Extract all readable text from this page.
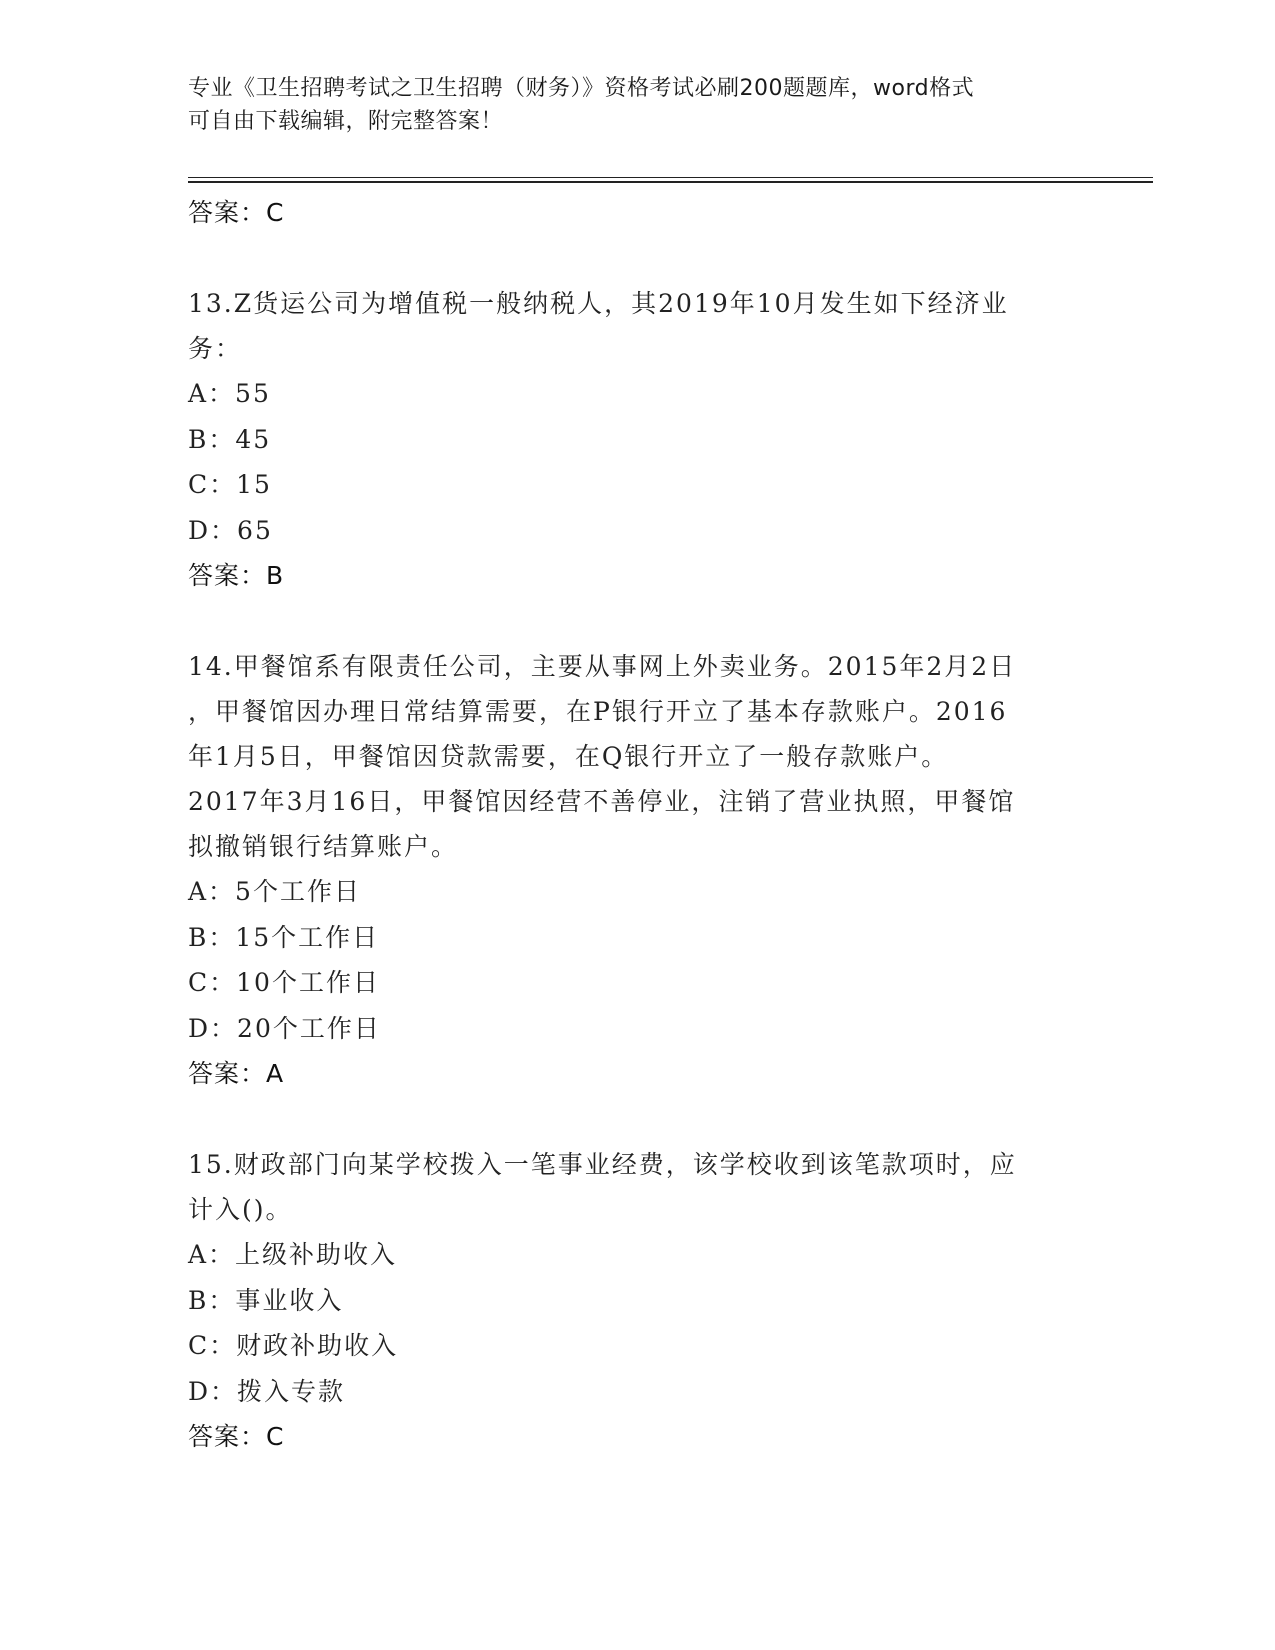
专业《卫生招聘考试之卫生招聘（财务）》资格考试必刷200题题库，word格式
可自由下载编辑，附完整答案！
答案：C
13.Z货运公司为增值税一般纳税人，其2019年10月发生如下经济业
务：
A：55
B：45
C：15
D：65
答案：B
14.甲餐馆系有限责任公司，主要从事网上外卖业务。2015年2月2日
，甲餐馆因办理日常结算需要，在P银行开立了基本存款账户。2016
年1月5日，甲餐馆因贷款需要，在Q银行开立了一般存款账户。
2017年3月16日，甲餐馆因经营不善停业，注销了营业执照，甲餐馆
拟撤销银行结算账户。
A：5个工作日
B：15个工作日
C：10个工作日
D：20个工作日
答案：A
15.财政部门向某学校拨入一笔事业经费，该学校收到该笔款项时，应
计入()。
A：上级补助收入
B：事业收入
C：财政补助收入
D：拨入专款
答案：C
